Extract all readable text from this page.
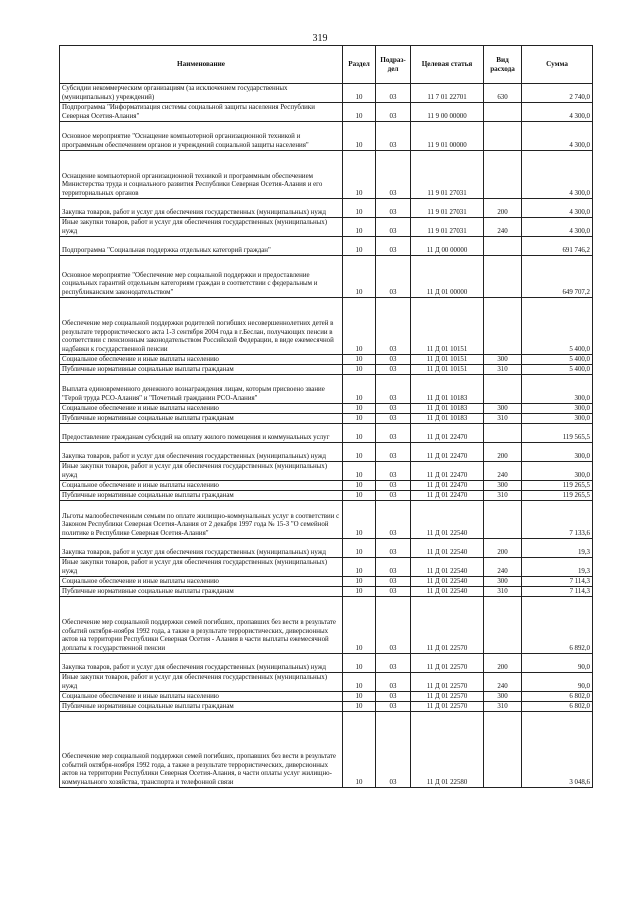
319
Наименование	Раздел	Подраз-дел	Целевая статья	Вид расхода	Сумма
Субсидии некоммерческим организациям (за исключением государственных (муниципальных) учреждений)	10	03	11 7 01 22701	630	2 740,0
Подпрограмма "Информатизация системы социальной защиты населения Республики Северная Осетия-Алания"	10	03	11 9 00 00000		4 300,0
Основное мероприятие "Оснащение компьютерной организационной техникой и программным обеспечением органов и учреждений социальной защиты населения"	10	03	11 9 01 00000		4 300,0
Оснащение компьютерной организационной техникой и программным обеспечением Министерства труда и социального развития Республики Северная Осетия-Алания и его территориальных органов	10	03	11 9 01 27031		4 300,0
Закупка товаров, работ и услуг для обеспечения государственных (муниципальных) нужд	10	03	11 9 01 27031	200	4 300,0
Иные закупки товаров, работ и услуг для обеспечения государственных (муниципальных) нужд	10	03	11 9 01 27031	240	4 300,0
Подпрограмма "Социальная поддержка отдельных категорий граждан"	10	03	11 Д 00 00000		691 746,2
Основное мероприятие "Обеспечение мер социальной поддержки и предоставление социальных гарантий отдельным категориям граждан в соответствии с федеральным и республиканским законодательством"	10	03	11 Д 01 00000		649 707,2
Обеспечение мер социальной поддержки родителей погибших несовершеннолетних детей в результате террористического акта 1-3 сентября 2004 года в г.Беслан, получающих пенсии в соответствии с пенсионным законодательством Российской Федерации, в виде ежемесячной надбавки к государственной пенсии	10	03	11 Д 01 10151		5 400,0
Социальное обеспечение и иные выплаты населению	10	03	11 Д 01 10151	300	5 400,0
Публичные нормативные социальные выплаты гражданам	10	03	11 Д 01 10151	310	5 400,0
Выплата единовременного денежного вознаграждения лицам, которым присвоено звание "Герой труда РСО-Алания" и "Почетный гражданин РСО-Алания"	10	03	11 Д 01 10183		300,0
Социальное обеспечение и иные выплаты населению	10	03	11 Д 01 10183	300	300,0
Публичные нормативные социальные выплаты гражданам	10	03	11 Д 01 10183	310	300,0
Предоставление гражданам субсидий на оплату жилого помещения и коммунальных услуг	10	03	11 Д 01 22470		119 565,5
Закупка товаров, работ и услуг для обеспечения государственных (муниципальных) нужд	10	03	11 Д 01 22470	200	300,0
Иные закупки товаров, работ и услуг для обеспечения государственных (муниципальных) нужд	10	03	11 Д 01 22470	240	300,0
Социальное обеспечение и иные выплаты населению	10	03	11 Д 01 22470	300	119 265,5
Публичные нормативные социальные выплаты гражданам	10	03	11 Д 01 22470	310	119 265,5
Льготы малообеспеченным семьям по оплате жилищно-коммунальных услуг в соответствии с Законом Республики Северная Осетия-Алания от 2 декабря 1997 года № 15-З "О семейной политике в Республике Северная Осетия-Алания"	10	03	11 Д 01 22540		7 133,6
Закупка товаров, работ и услуг для обеспечения государственных (муниципальных) нужд	10	03	11 Д 01 22540	200	19,3
Иные закупки товаров, работ и услуг для обеспечения государственных (муниципальных) нужд	10	03	11 Д 01 22540	240	19,3
Социальное обеспечение и иные выплаты населению	10	03	11 Д 01 22540	300	7 114,3
Публичные нормативные социальные выплаты гражданам	10	03	11 Д 01 22540	310	7 114,3
Обеспечение мер социальной поддержки семей погибших, пропавших без вести в результате событий октября-ноября 1992 года, а также в результате террористических, диверсионных актов на территории Республики Северная Осетия - Алания в части выплаты ежемесячной доплаты к государственной пенсии	10	03	11 Д 01 22570		6 892,0
Закупка товаров, работ и услуг для обеспечения государственных (муниципальных) нужд	10	03	11 Д 01 22570	200	90,0
Иные закупки товаров, работ и услуг для обеспечения государственных (муниципальных) нужд	10	03	11 Д 01 22570	240	90,0
Социальное обеспечение и иные выплаты населению	10	03	11 Д 01 22570	300	6 802,0
Публичные нормативные социальные выплаты гражданам	10	03	11 Д 01 22570	310	6 802,0
Обеспечение мер социальной поддержки семей погибших, пропавших без вести в результате событий октября-ноября 1992 года, а также в результате террористических, диверсионных актов на территории Республики Северная Осетия-Алания, в части оплаты услуг жилищно-коммунального хозяйства, транспорта и телефонной связи	10	03	11 Д 01 22580		3 048,6
